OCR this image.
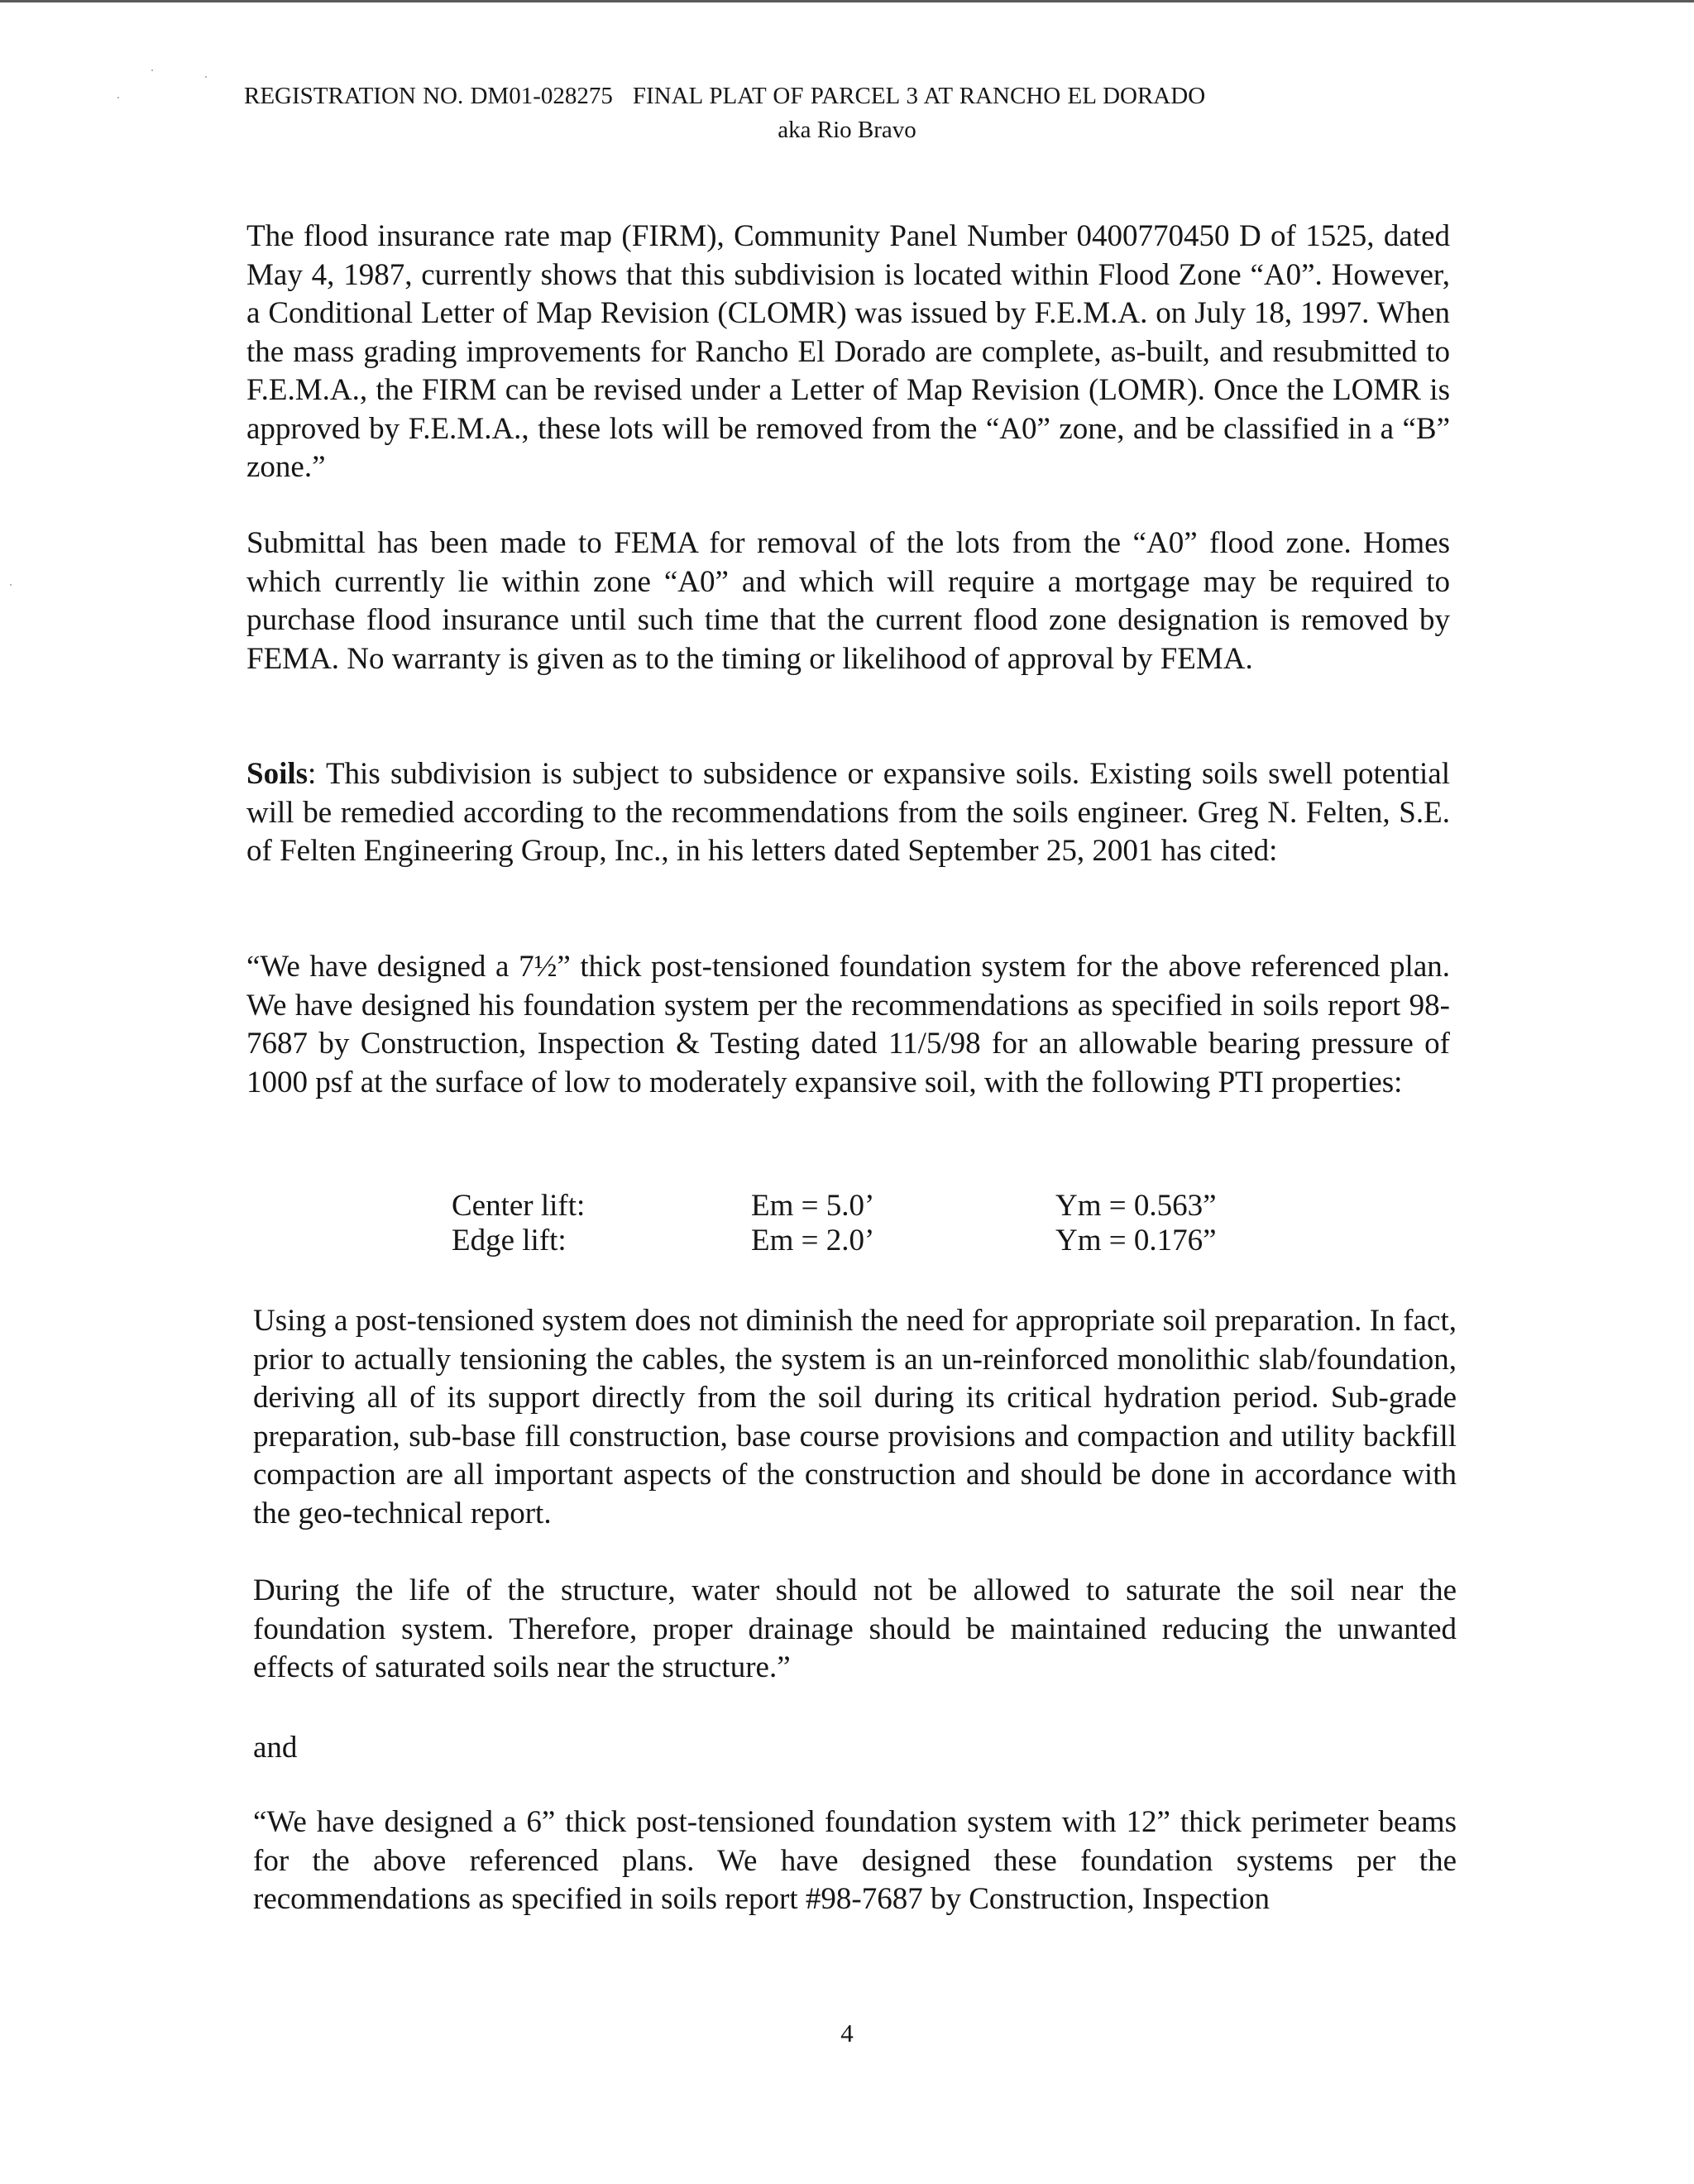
REGISTRATION NO. DM01-028275 FINAL PLAT OF PARCEL 3 AT RANCHO EL DORADO
aka Rio Bravo

The flood insurance rate map (FIRM), Community Panel Number 0400770450 D of 1525, dated May 4, 1987, currently shows that this subdivision is located within Flood Zone “A0”. However, a Conditional Letter of Map Revision (CLOMR) was issued by F.E.M.A. on July 18, 1997. When the mass grading improvements for Rancho El Dorado are complete, as-built, and resubmitted to F.E.M.A., the FIRM can be revised under a Letter of Map Revision (LOMR). Once the LOMR is approved by F.E.M.A., these lots will be removed from the “A0” zone, and be classified in a “B” zone.”

Submittal has been made to FEMA for removal of the lots from the “A0” flood zone. Homes which currently lie within zone “A0” and which will require a mortgage may be required to purchase flood insurance until such time that the current flood zone designation is removed by FEMA. No warranty is given as to the timing or likelihood of approval by FEMA.

Soils: This subdivision is subject to subsidence or expansive soils. Existing soils swell potential will be remedied according to the recommendations from the soils engineer. Greg N. Felten, S.E. of Felten Engineering Group, Inc., in his letters dated September 25, 2001 has cited:

“We have designed a 7½” thick post-tensioned foundation system for the above referenced plan. We have designed his foundation system per the recommendations as specified in soils report 98-7687 by Construction, Inspection & Testing dated 11/5/98 for an allowable bearing pressure of 1000 psf at the surface of low to moderately expansive soil, with the following PTI properties:

Center lift:	Em = 5.0’	Ym = 0.563”
Edge lift:	Em = 2.0’	Ym = 0.176”

Using a post-tensioned system does not diminish the need for appropriate soil preparation. In fact, prior to actually tensioning the cables, the system is an un-reinforced monolithic slab/foundation, deriving all of its support directly from the soil during its critical hydration period. Sub-grade preparation, sub-base fill construction, base course provisions and compaction and utility backfill compaction are all important aspects of the construction and should be done in accordance with the geo-technical report.

During the life of the structure, water should not be allowed to saturate the soil near the foundation system. Therefore, proper drainage should be maintained reducing the unwanted effects of saturated soils near the structure.”

and

“We have designed a 6” thick post-tensioned foundation system with 12” thick perimeter beams for the above referenced plans. We have designed these foundation systems per the recommendations as specified in soils report #98-7687 by Construction, Inspection

4
